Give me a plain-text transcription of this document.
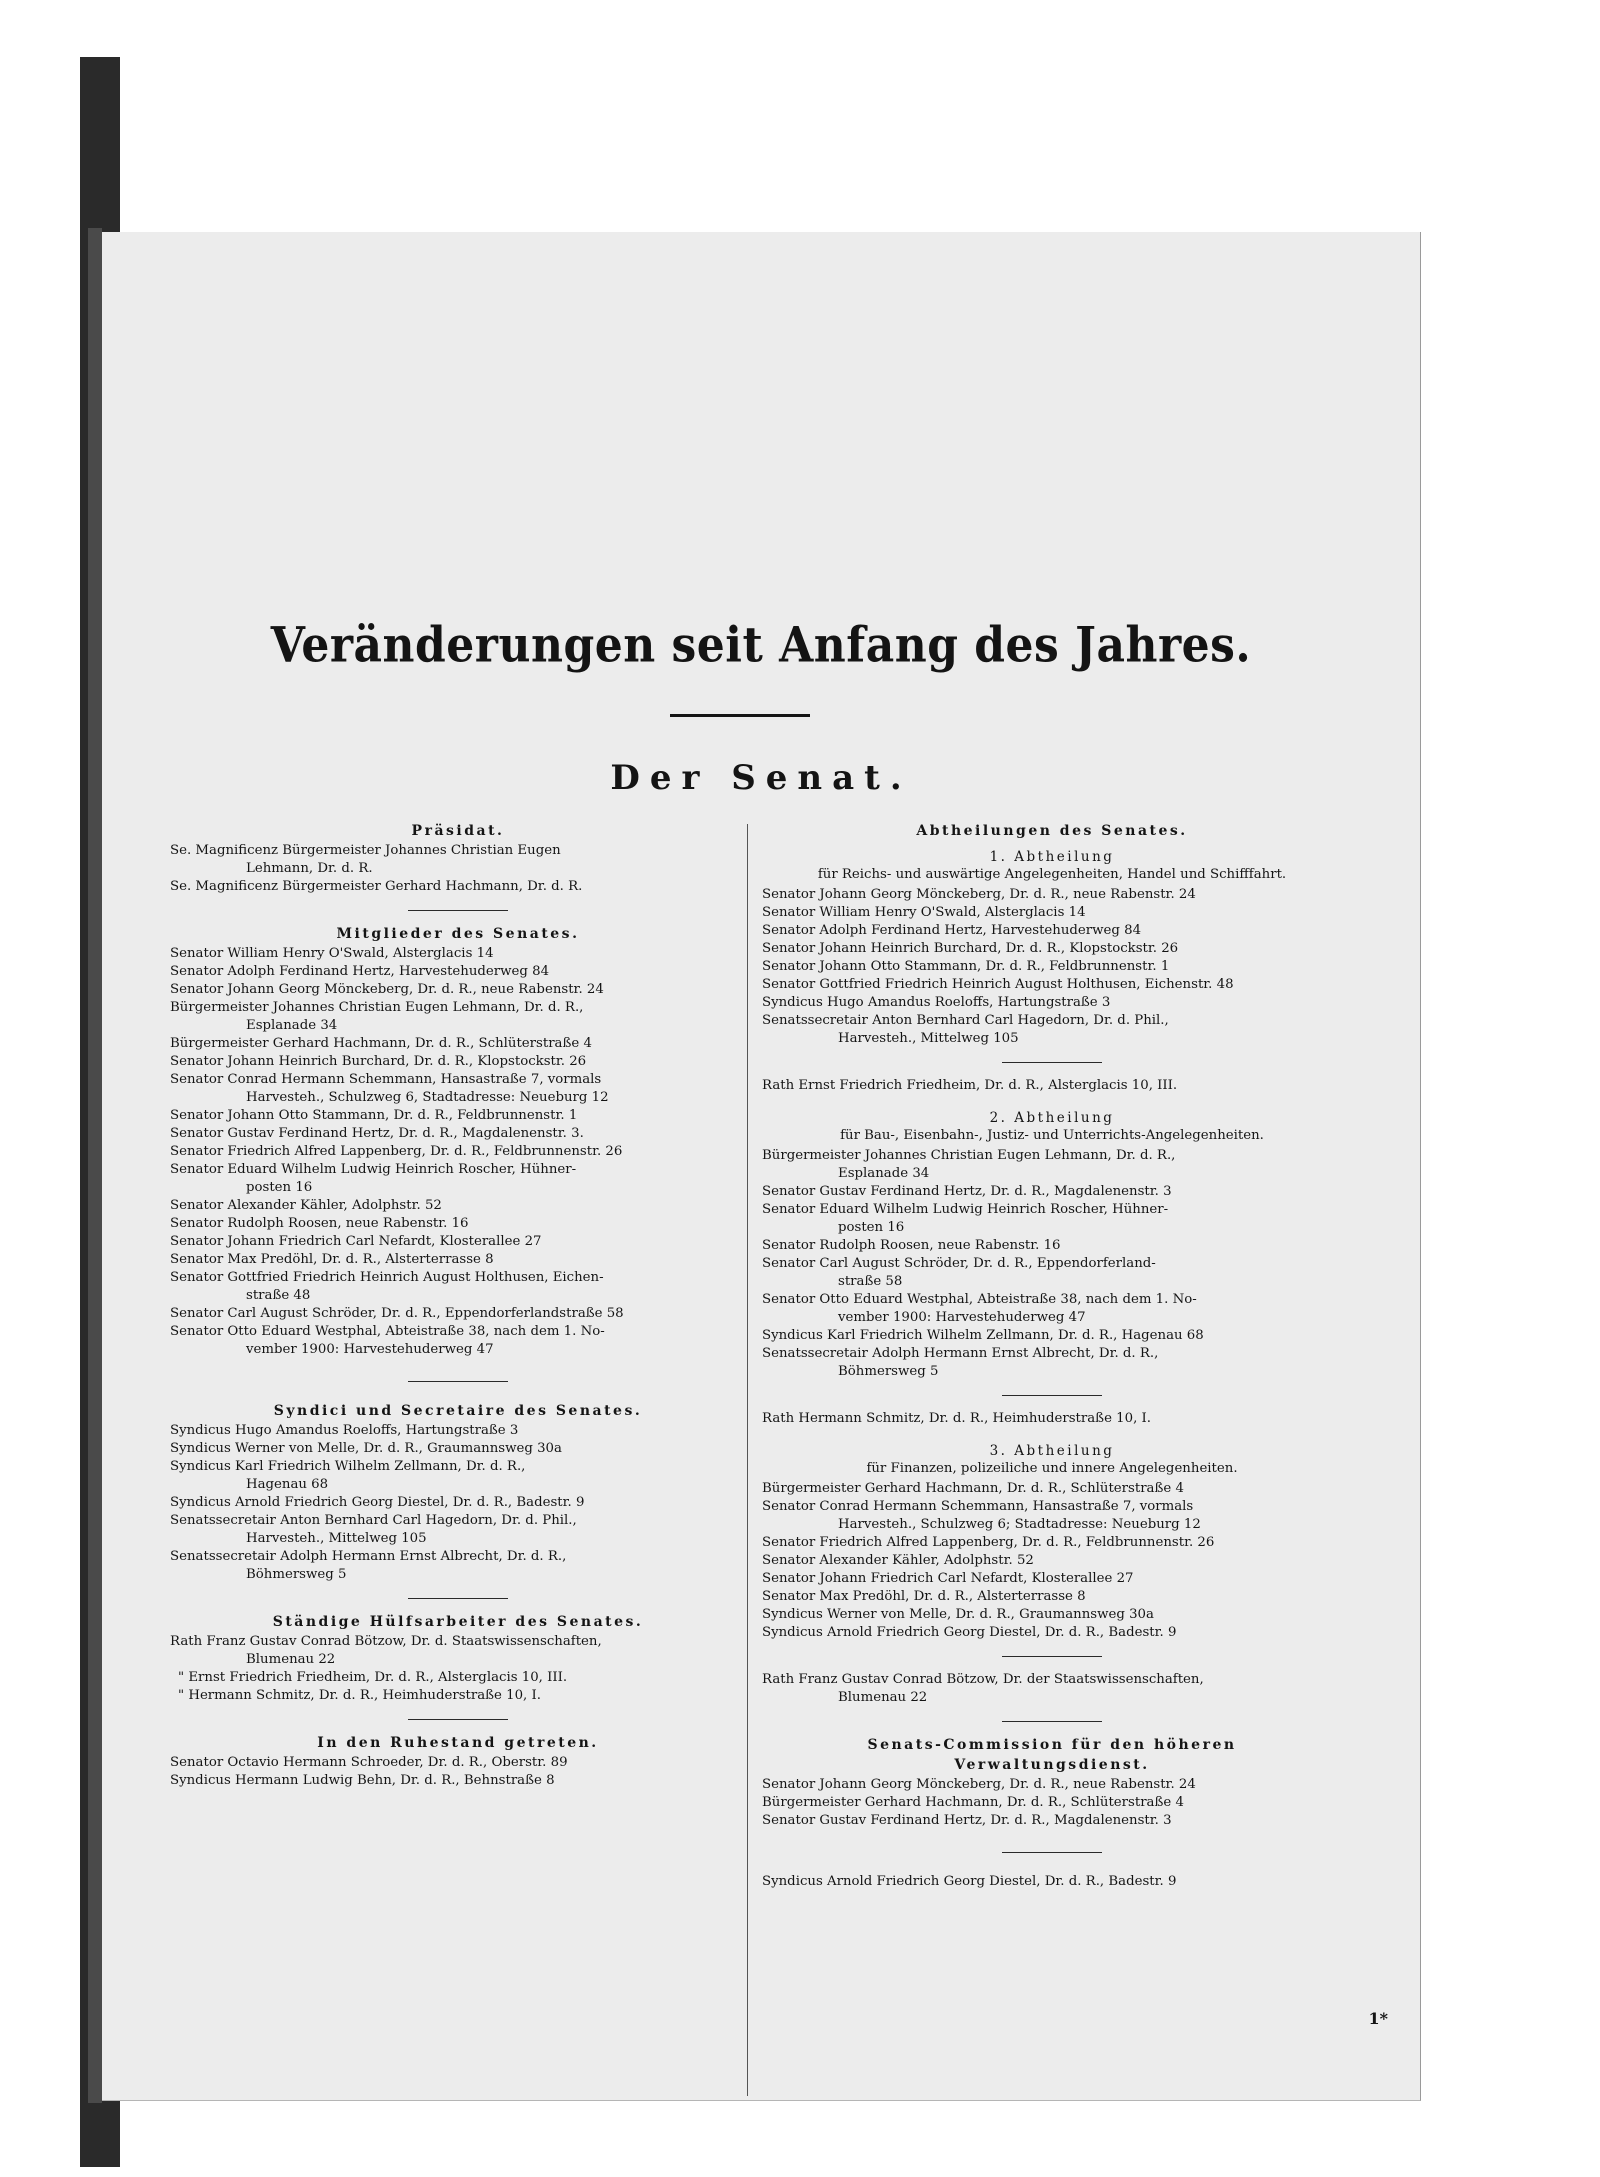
Veränderungen seit Anfang des Jahres.
Der Senat.
Präsidat.
Se. Magnificenz Bürgermeister Johannes Christian Eugen
Lehmann, Dr. d. R.
Se. Magnificenz Bürgermeister Gerhard Hachmann, Dr. d. R.
Mitglieder des Senates.
Senator William Henry O'Swald, Alsterglacis 14
Senator Adolph Ferdinand Hertz, Harvestehuderweg 84
Senator Johann Georg Mönckeberg, Dr. d. R., neue Rabenstr. 24
Bürgermeister Johannes Christian Eugen Lehmann, Dr. d. R.,
Esplanade 34
Bürgermeister Gerhard Hachmann, Dr. d. R., Schlüterstraße 4
Senator Johann Heinrich Burchard, Dr. d. R., Klopstockstr. 26
Senator Conrad Hermann Schemmann, Hansastraße 7, vormals
Harvesteh., Schulzweg 6, Stadtadresse: Neueburg 12
Senator Johann Otto Stammann, Dr. d. R., Feldbrunnenstr. 1
Senator Gustav Ferdinand Hertz, Dr. d. R., Magdalenenstr. 3.
Senator Friedrich Alfred Lappenberg, Dr. d. R., Feldbrunnenstr. 26
Senator Eduard Wilhelm Ludwig Heinrich Roscher, Hühner-
posten 16
Senator Alexander Kähler, Adolphstr. 52
Senator Rudolph Roosen, neue Rabenstr. 16
Senator Johann Friedrich Carl Nefardt, Klosterallee 27
Senator Max Predöhl, Dr. d. R., Alsterterrasse 8
Senator Gottfried Friedrich Heinrich August Holthusen, Eichen-
straße 48
Senator Carl August Schröder, Dr. d. R., Eppendorferlandstraße 58
Senator Otto Eduard Westphal, Abteistraße 38, nach dem 1. No-
vember 1900: Harvestehuderweg 47
Syndici und Secretaire des Senates.
Syndicus Hugo Amandus Roeloffs, Hartungstraße 3
Syndicus Werner von Melle, Dr. d. R., Graumannsweg 30a
Syndicus Karl Friedrich Wilhelm Zellmann, Dr. d. R.,
Hagenau 68
Syndicus Arnold Friedrich Georg Diestel, Dr. d. R., Badestr. 9
Senatssecretair Anton Bernhard Carl Hagedorn, Dr. d. Phil.,
Harvesteh., Mittelweg 105
Senatssecretair Adolph Hermann Ernst Albrecht, Dr. d. R.,
Böhmersweg 5
Ständige Hülfsarbeiter des Senates.
Rath Franz Gustav Conrad Bötzow, Dr. d. Staatswissenschaften,
Blumenau 22
" Ernst Friedrich Friedheim, Dr. d. R., Alsterglacis 10, III.
" Hermann Schmitz, Dr. d. R., Heimhuderstraße 10, I.
In den Ruhestand getreten.
Senator Octavio Hermann Schroeder, Dr. d. R., Oberstr. 89
Syndicus Hermann Ludwig Behn, Dr. d. R., Behnstraße 8
Abtheilungen des Senates.
1. Abtheilung
für Reichs- und auswärtige Angelegenheiten, Handel und Schifffahrt.
Senator Johann Georg Mönckeberg, Dr. d. R., neue Rabenstr. 24
Senator William Henry O'Swald, Alsterglacis 14
Senator Adolph Ferdinand Hertz, Harvestehuderweg 84
Senator Johann Heinrich Burchard, Dr. d. R., Klopstockstr. 26
Senator Johann Otto Stammann, Dr. d. R., Feldbrunnenstr. 1
Senator Gottfried Friedrich Heinrich August Holthusen, Eichenstr. 48
Syndicus Hugo Amandus Roeloffs, Hartungstraße 3
Senatssecretair Anton Bernhard Carl Hagedorn, Dr. d. Phil.,
Harvesteh., Mittelweg 105
Rath Ernst Friedrich Friedheim, Dr. d. R., Alsterglacis 10, III.
2. Abtheilung
für Bau-, Eisenbahn-, Justiz- und Unterrichts-Angelegenheiten.
Bürgermeister Johannes Christian Eugen Lehmann, Dr. d. R.,
Esplanade 34
Senator Gustav Ferdinand Hertz, Dr. d. R., Magdalenenstr. 3
Senator Eduard Wilhelm Ludwig Heinrich Roscher, Hühner-
posten 16
Senator Rudolph Roosen, neue Rabenstr. 16
Senator Carl August Schröder, Dr. d. R., Eppendorferland-
straße 58
Senator Otto Eduard Westphal, Abteistraße 38, nach dem 1. No-
vember 1900: Harvestehuderweg 47
Syndicus Karl Friedrich Wilhelm Zellmann, Dr. d. R., Hagenau 68
Senatssecretair Adolph Hermann Ernst Albrecht, Dr. d. R.,
Böhmersweg 5
Rath Hermann Schmitz, Dr. d. R., Heimhuderstraße 10, I.
3. Abtheilung
für Finanzen, polizeiliche und innere Angelegenheiten.
Bürgermeister Gerhard Hachmann, Dr. d. R., Schlüterstraße 4
Senator Conrad Hermann Schemmann, Hansastraße 7, vormals
Harvesteh., Schulzweg 6; Stadtadresse: Neueburg 12
Senator Friedrich Alfred Lappenberg, Dr. d. R., Feldbrunnenstr. 26
Senator Alexander Kähler, Adolphstr. 52
Senator Johann Friedrich Carl Nefardt, Klosterallee 27
Senator Max Predöhl, Dr. d. R., Alsterterrasse 8
Syndicus Werner von Melle, Dr. d. R., Graumannsweg 30a
Syndicus Arnold Friedrich Georg Diestel, Dr. d. R., Badestr. 9
Rath Franz Gustav Conrad Bötzow, Dr. der Staatswissenschaften,
Blumenau 22
Senats-Commission für den höheren
Verwaltungsdienst.
Senator Johann Georg Mönckeberg, Dr. d. R., neue Rabenstr. 24
Bürgermeister Gerhard Hachmann, Dr. d. R., Schlüterstraße 4
Senator Gustav Ferdinand Hertz, Dr. d. R., Magdalenenstr. 3
Syndicus Arnold Friedrich Georg Diestel, Dr. d. R., Badestr. 9
1*
